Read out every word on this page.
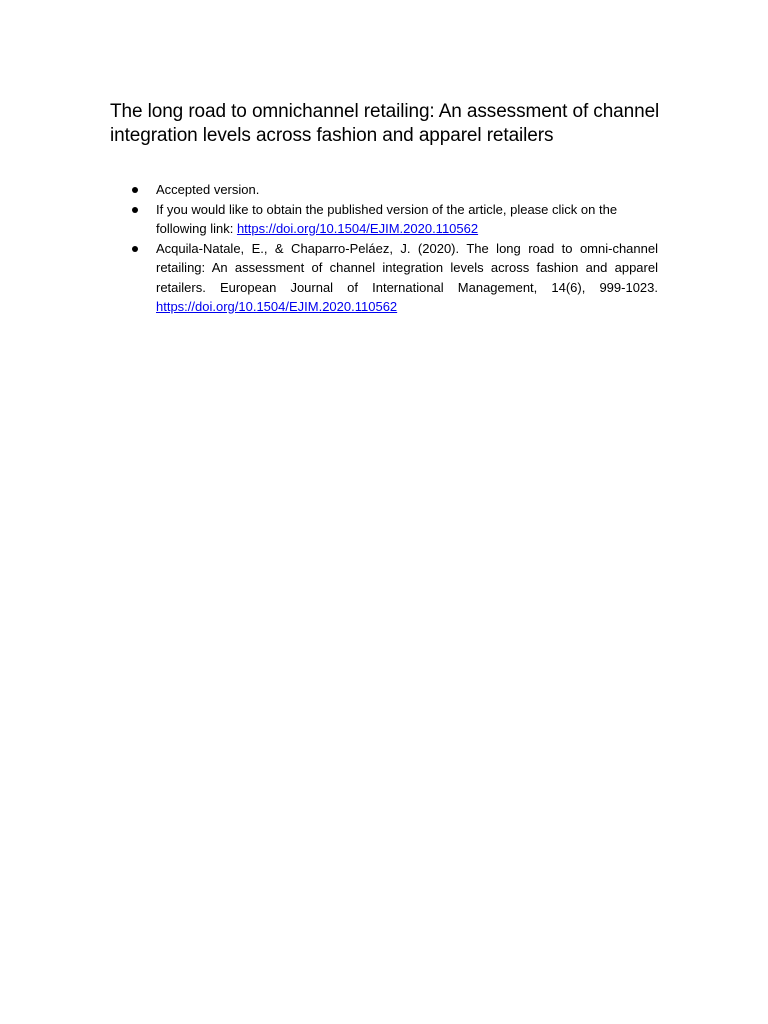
The long road to omnichannel retailing: An assessment of channel integration levels across fashion and apparel retailers
Accepted version.
If you would like to obtain the published version of the article, please click on the following link: https://doi.org/10.1504/EJIM.2020.110562
Acquila-Natale, E., & Chaparro-Peláez, J. (2020). The long road to omni-channel retailing: An assessment of channel integration levels across fashion and apparel retailers. European Journal of International Management, 14(6), 999-1023. https://doi.org/10.1504/EJIM.2020.110562
